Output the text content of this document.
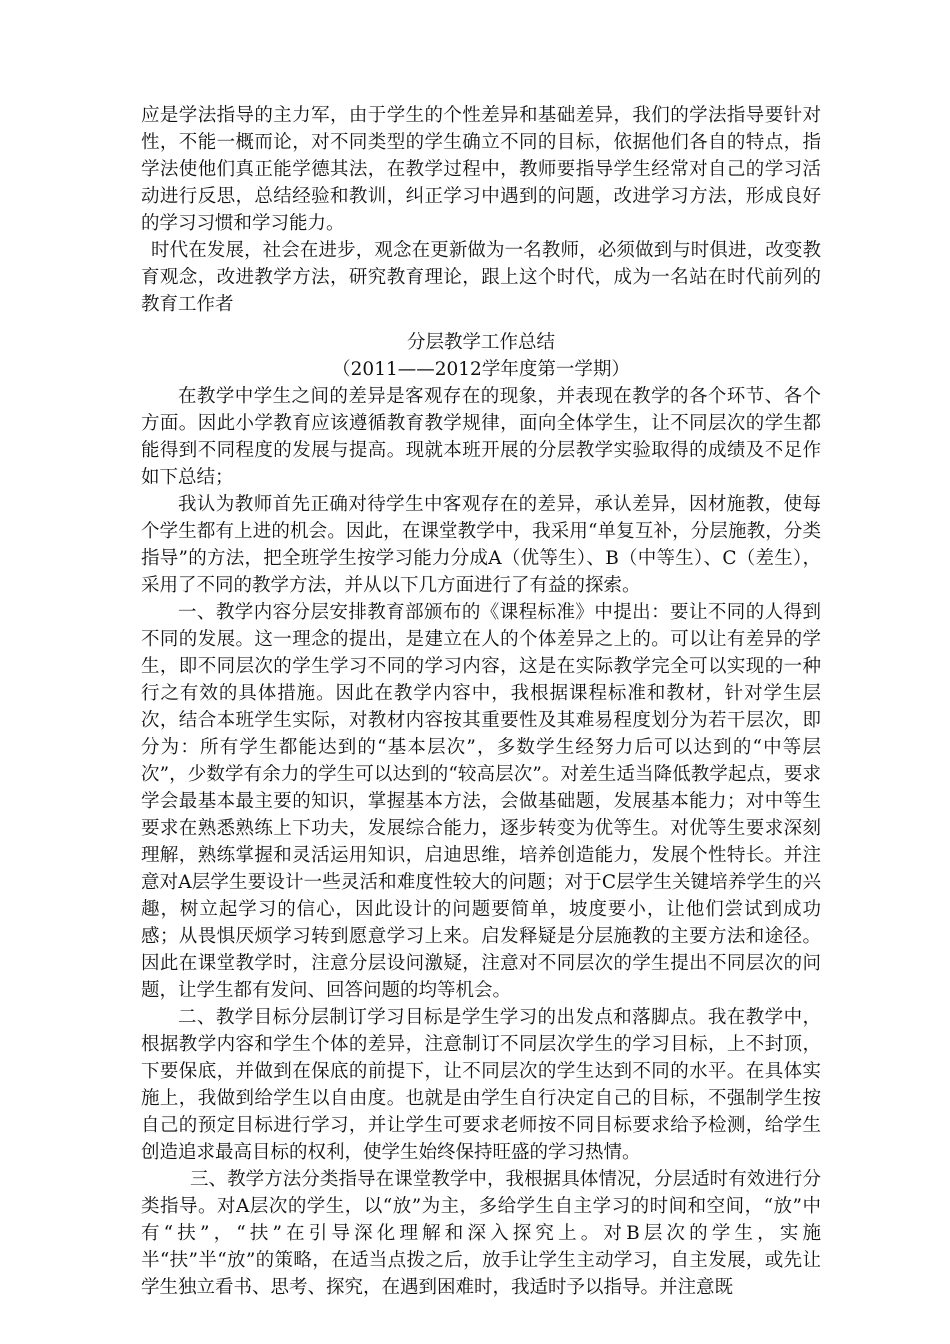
应是学法指导的主力军，由于学生的个性差异和基础差异，我们的学法指导要针对性，不能一概而论，对不同类型的学生确立不同的目标，依据他们各自的特点，指学法使他们真正能学德其法，在教学过程中，教师要指导学生经常对自己的学习活动进行反思，总结经验和教训，纠正学习中遇到的问题，改进学习方法，形成良好的学习习惯和学习能力。

时代在发展，社会在进步，观念在更新做为一名教师，必须做到与时俱进，改变教育观念，改进教学方法，研究教育理论，跟上这个时代，成为一名站在时代前列的教育工作者

分层教学工作总结

（2011——2012学年度第一学期）

在教学中学生之间的差异是客观存在的现象，并表现在教学的各个环节、各个方面。因此小学教育应该遵循教育教学规律，面向全体学生，让不同层次的学生都能得到不同程度的发展与提高。现就本班开展的分层教学实验取得的成绩及不足作如下总结；

我认为教师首先正确对待学生中客观存在的差异，承认差异，因材施教，使每个学生都有上进的机会。因此，在课堂教学中，我采用“单复互补，分层施教，分类指导”的方法，把全班学生按学习能力分成A（优等生）、B（中等生）、C（差生），采用了不同的教学方法，并从以下几方面进行了有益的探索。

一、教学内容分层安排教育部颁布的《课程标准》中提出：要让不同的人得到不同的发展。这一理念的提出，是建立在人的个体差异之上的。可以让有差异的学生，即不同层次的学生学习不同的学习内容，这是在实际教学完全可以实现的一种行之有效的具体措施。因此在教学内容中，我根据课程标准和教材，针对学生层次，结合本班学生实际，对教材内容按其重要性及其难易程度划分为若干层次，即分为：所有学生都能达到的“基本层次”，多数学生经努力后可以达到的“中等层次”，少数学有余力的学生可以达到的“较高层次”。对差生适当降低教学起点，要求学会最基本最主要的知识，掌握基本方法，会做基础题，发展基本能力；对中等生要求在熟悉熟练上下功夫，发展综合能力，逐步转变为优等生。对优等生要求深刻理解，熟练掌握和灵活运用知识，启迪思维，培养创造能力，发展个性特长。并注意对A层学生要设计一些灵活和难度性较大的问题；对于C层学生关键培养学生的兴趣，树立起学习的信心，因此设计的问题要简单，坡度要小，让他们尝试到成功感；从畏惧厌烦学习转到愿意学习上来。启发释疑是分层施教的主要方法和途径。因此在课堂教学时，注意分层设问激疑，注意对不同层次的学生提出不同层次的问题，让学生都有发问、回答问题的均等机会。

二、教学目标分层制订学习目标是学生学习的出发点和落脚点。我在教学中，根据教学内容和学生个体的差异，注意制订不同层次学生的学习目标，上不封顶，下要保底，并做到在保底的前提下，让不同层次的学生达到不同的水平。在具体实施上，我做到给学生以自由度。也就是由学生自行决定自己的目标，不强制学生按自己的预定目标进行学习，并让学生可要求老师按不同目标要求给予检测，给学生创造追求最高目标的权利，使学生始终保持旺盛的学习热情。

三、教学方法分类指导在课堂教学中，我根据具体情况，分层适时有效进行分类指导。对A层次的学生，以“放”为主，多给学生自主学习的时间和空间，“放”中有“扶”，“扶”在引导深化理解和深入探究上。对B层次的学生，实施半“扶”半“放”的策略，在适当点拨之后，放手让学生主动学习，自主发展，或先让学生独立看书、思考、探究，在遇到困难时，我适时予以指导。并注意既
